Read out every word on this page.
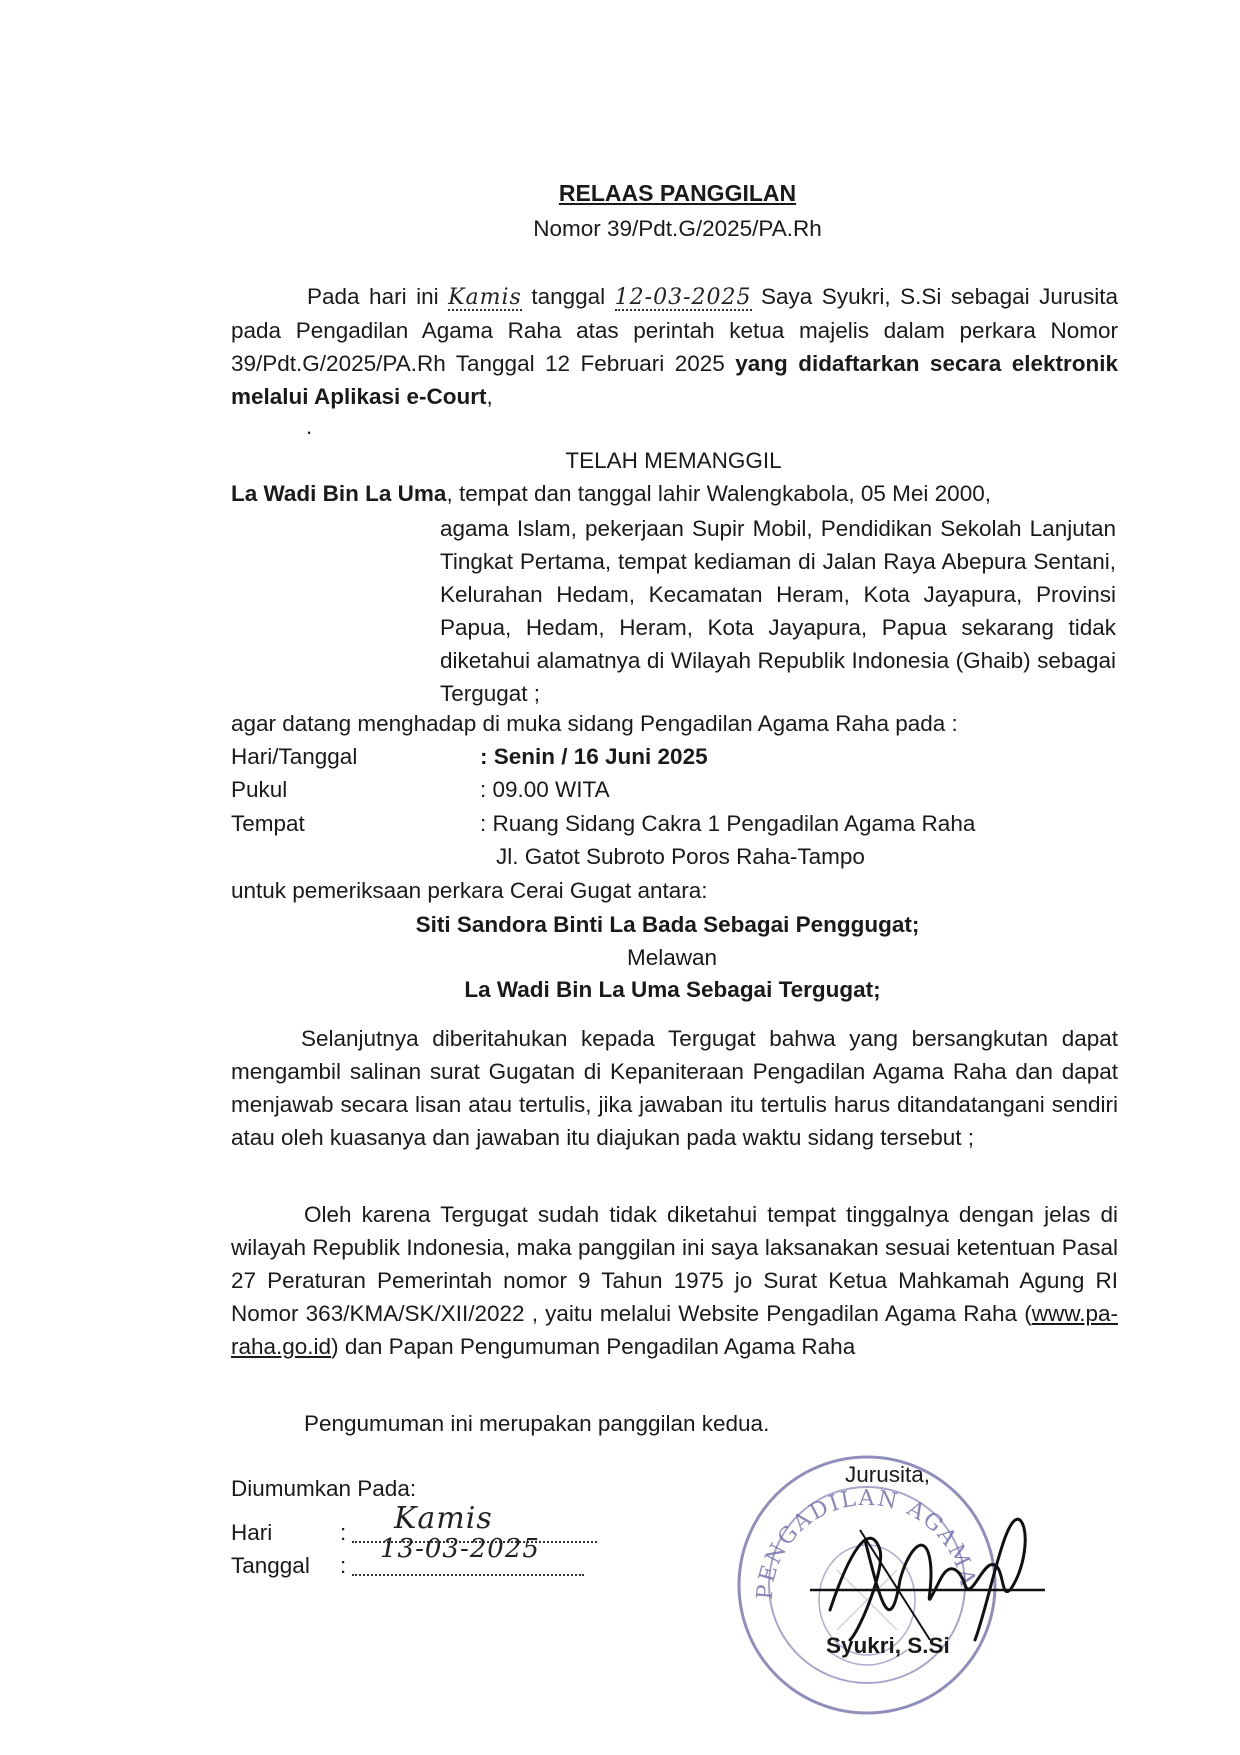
RELAAS PANGGILAN
Nomor 39/Pdt.G/2025/PA.Rh
Pada hari ini Kamis tanggal 12-03-2025 Saya Syukri, S.Si sebagai Jurusita pada Pengadilan Agama Raha atas perintah ketua majelis dalam perkara Nomor 39/Pdt.G/2025/PA.Rh Tanggal 12 Februari 2025 yang didaftarkan secara elektronik melalui Aplikasi e-Court,
.
TELAH MEMANGGIL
La Wadi Bin La Uma, tempat dan tanggal lahir Walengkabola, 05 Mei 2000,
agama Islam, pekerjaan Supir Mobil, Pendidikan Sekolah Lanjutan Tingkat Pertama, tempat kediaman di Jalan Raya Abepura Sentani, Kelurahan Hedam, Kecamatan Heram, Kota Jayapura, Provinsi Papua, Hedam, Heram, Kota Jayapura, Papua sekarang tidak diketahui alamatnya di Wilayah Republik Indonesia (Ghaib) sebagai Tergugat ;
agar datang menghadap di muka sidang Pengadilan Agama Raha pada :
Hari/Tanggal	: Senin / 16 Juni 2025
Pukul	: 09.00 WITA
Tempat	: Ruang Sidang Cakra 1 Pengadilan Agama Raha
Jl. Gatot Subroto Poros Raha-Tampo
untuk pemeriksaan perkara Cerai Gugat antara:
Siti Sandora Binti La Bada Sebagai Penggugat;
Melawan
La Wadi Bin La Uma Sebagai Tergugat;
Selanjutnya diberitahukan kepada Tergugat bahwa yang bersangkutan dapat mengambil salinan surat Gugatan di Kepaniteraan Pengadilan Agama Raha dan dapat menjawab secara lisan atau tertulis, jika jawaban itu tertulis harus ditandatangani sendiri atau oleh kuasanya dan jawaban itu diajukan pada waktu sidang tersebut ;
Oleh karena Tergugat sudah tidak diketahui tempat tinggalnya dengan jelas di wilayah Republik Indonesia, maka panggilan ini saya laksanakan sesuai ketentuan Pasal 27 Peraturan Pemerintah nomor 9 Tahun 1975 jo Surat Ketua Mahkamah Agung RI Nomor 363/KMA/SK/XII/2022 , yaitu melalui Website Pengadilan Agama Raha (www.pa-raha.go.id) dan Papan Pengumuman Pengadilan Agama Raha
Pengumuman ini merupakan panggilan kedua.
Diumumkan Pada:
Hari	: Kamis
Tanggal :
13-03-2025
PENGADILAN AGAMA
Jurusita,
Syukri, S.Si
